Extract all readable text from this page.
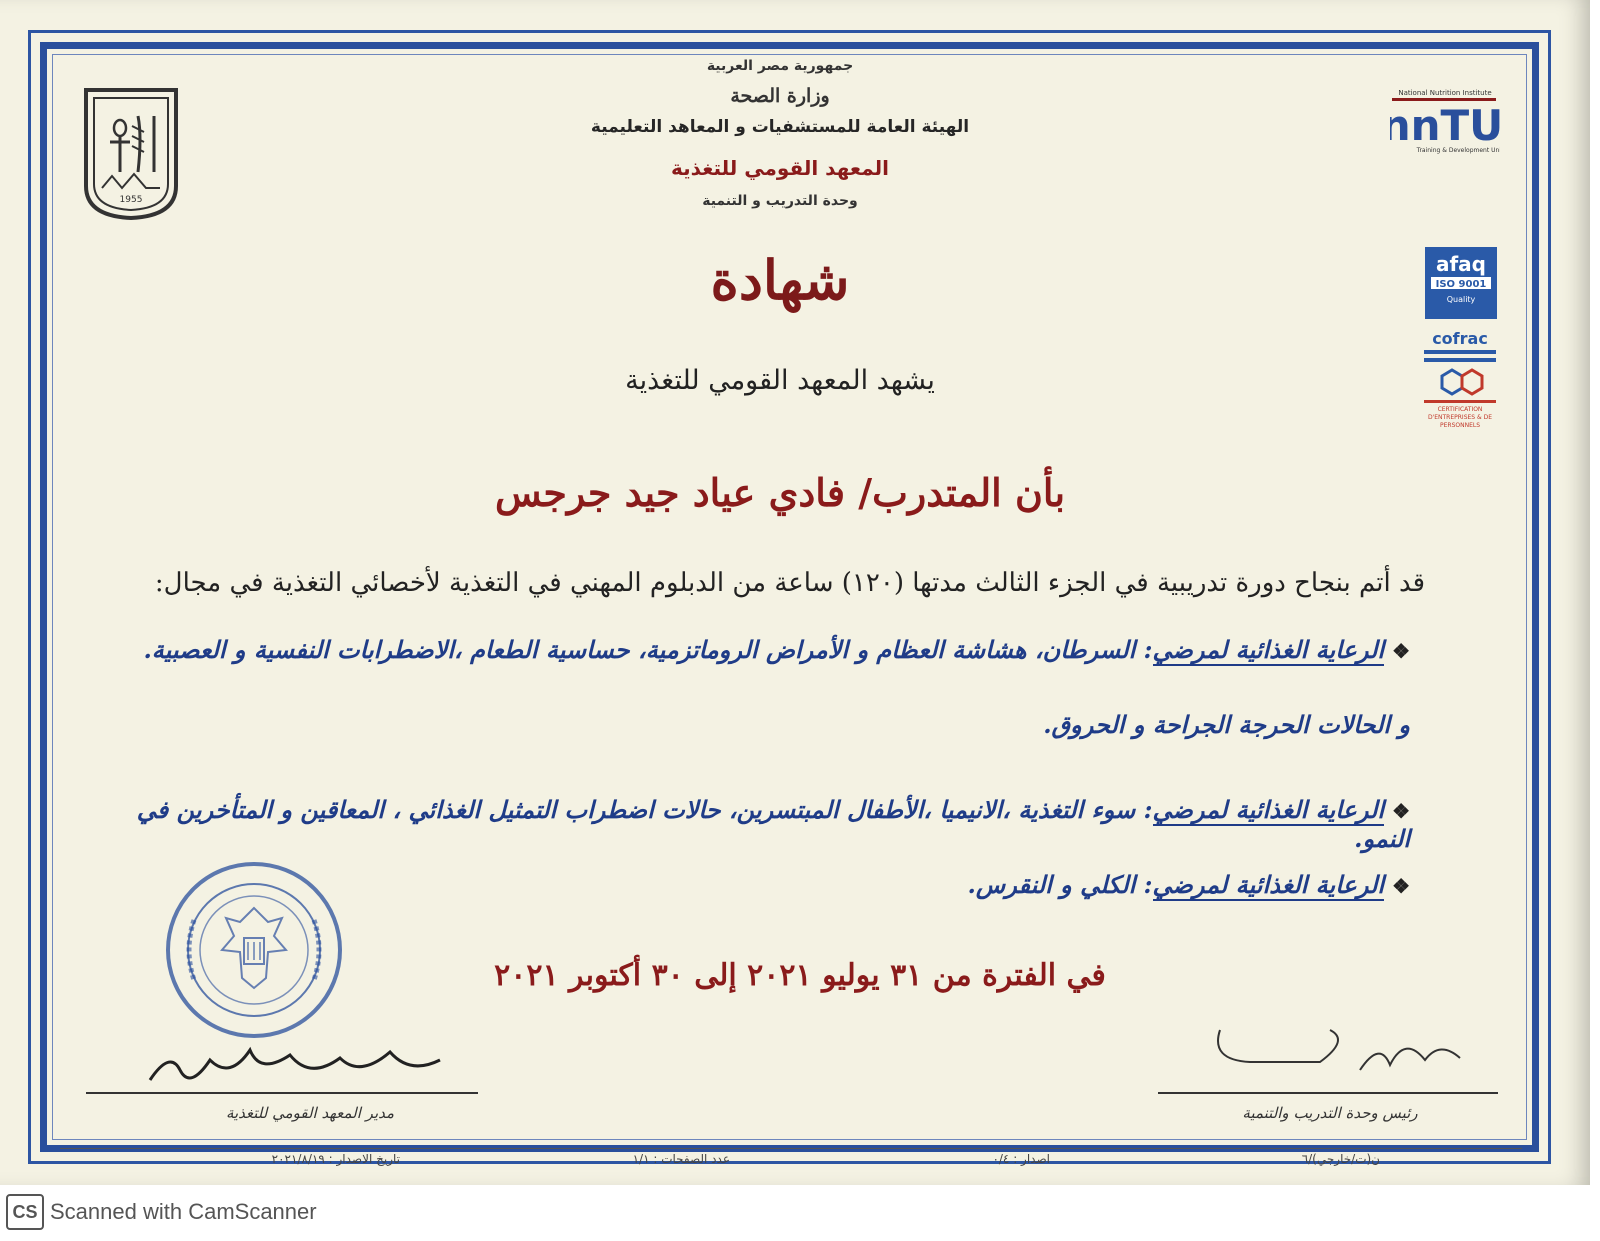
1955
National Nutrition Institute
nnTU
Training & Development Unit
afaq
ISO 9001
Quality
cofrac
CERTIFICATION D'ENTREPRISES & DE PERSONNELS
جمهورية مصر العربية
وزارة الصحة
الهيئة العامة للمستشفيات و المعاهد التعليمية
المعهد القومي للتغذية
وحدة التدريب و التنمية
شهادة
يشهد المعهد القومي للتغذية
بأن المتدرب/ فادي عياد جيد جرجس
قد أتم بنجاح دورة تدريبية في الجزء الثالث مدتها (١٢٠) ساعة من الدبلوم المهني في التغذية لأخصائي التغذية في مجال:
❖الرعاية الغذائية لمرضي: السرطان، هشاشة العظام و الأمراض الروماتزمية، حساسية الطعام ،الاضطرابات النفسية و العصبية.
و الحالات الحرجة الجراحة و الحروق.
❖الرعاية الغذائية لمرضي: سوء التغذية ،الانيميا ،الأطفال المبتسرين، حالات اضطراب التمثيل الغذائي ، المعاقين و المتأخرين في النمو.
❖الرعاية الغذائية لمرضي: الكلي و النقرس.
في الفترة من ٣١ يوليو ٢٠٢١ إلى ٣٠ أكتوبر ٢٠٢١
مدير المعهد القومي للتغذية	رئيس وحدة التدريب والتنمية
ن(ت/خارجي)/٦
اصدار : ٠/٤
عدد الصفحات : ١/١
تاريخ الاصدار : ٢٠٢١/٨/١٩
CS Scanned with CamScanner
